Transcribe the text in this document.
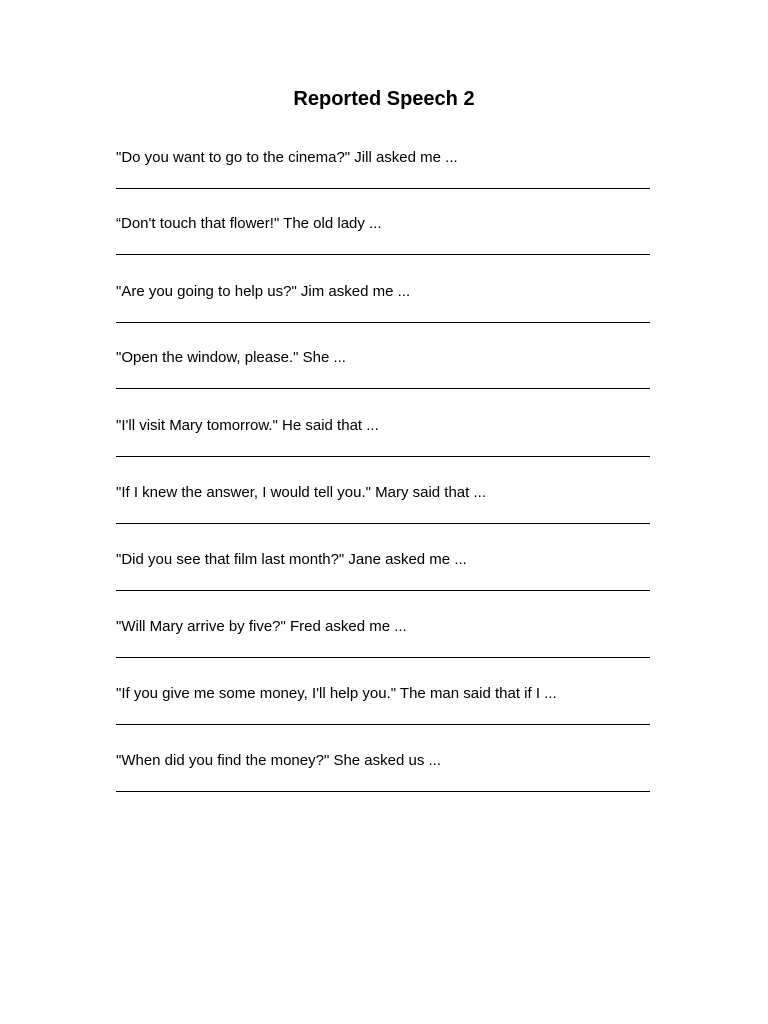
Reported Speech 2
"Do you want to go to the cinema?" Jill asked me ...
“Don't touch that flower!" The old lady ...
"Are you going to help us?" Jim asked me ...
"Open the window, please." She ...
"I'll visit Mary tomorrow." He said that ...
"If I knew the answer, I would tell you." Mary said that ...
"Did you see that film last month?" Jane asked me ...
"Will Mary arrive by five?" Fred asked me ...
"If you give me some money, I'll help you." The man said that if I ...
"When did you find the money?" She asked us ...
